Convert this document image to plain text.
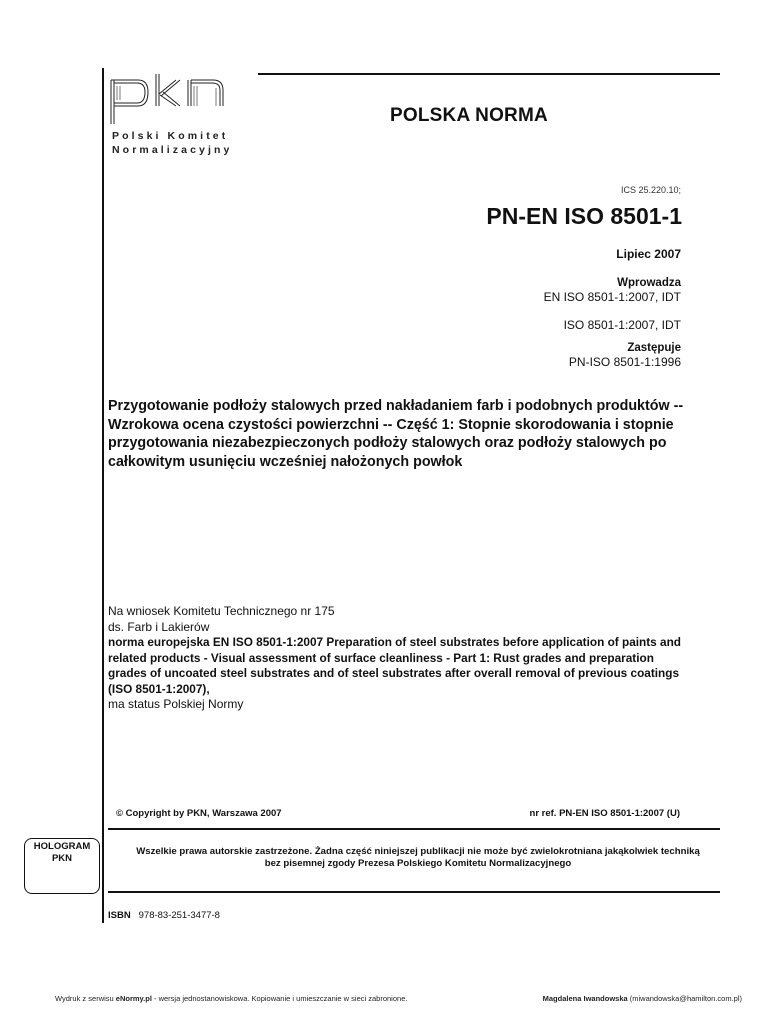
Polski Komitet
Normalizacyjny
POLSKA NORMA
ICS 25.220.10;
PN-EN ISO 8501-1
Lipiec 2007
Wprowadza
EN ISO 8501-1:2007, IDT
ISO 8501-1:2007, IDT
Zastępuje
PN-ISO 8501-1:1996
Przygotowanie podłoży stalowych przed nakładaniem farb i podobnych produktów --
Wzrokowa ocena czystości powierzchni -- Część 1: Stopnie skorodowania i stopnie
przygotowania niezabezpieczonych podłoży stalowych oraz podłoży stalowych po
całkowitym usunięciu wcześniej nałożonych powłok
Na wniosek Komitetu Technicznego nr 175
ds. Farb i Lakierów
norma europejska EN ISO 8501-1:2007 Preparation of steel substrates before application of paints and
related products - Visual assessment of surface cleanliness - Part 1: Rust grades and preparation
grades of uncoated steel substrates and of steel substrates after overall removal of previous coatings
(ISO 8501-1:2007),
ma status Polskiej Normy
© Copyright by PKN, Warszawa 2007	nr ref. PN-EN ISO 8501-1:2007 (U)
HOLOGRAM
PKN
Wszelkie prawa autorskie zastrzeżone. Żadna część niniejszej publikacji nie może być zwielokrotniana jakąkolwiek techniką
bez pisemnej zgody Prezesa Polskiego Komitetu Normalizacyjnego
ISBN 978-83-251-3477-8
Wydruk z serwisu eNormy.pl - wersja jednostanowiskowa. Kopiowanie i umieszczanie w sieci zabronione.	Magdalena Iwandowska (miwandowska@hamilton.com.pl)
